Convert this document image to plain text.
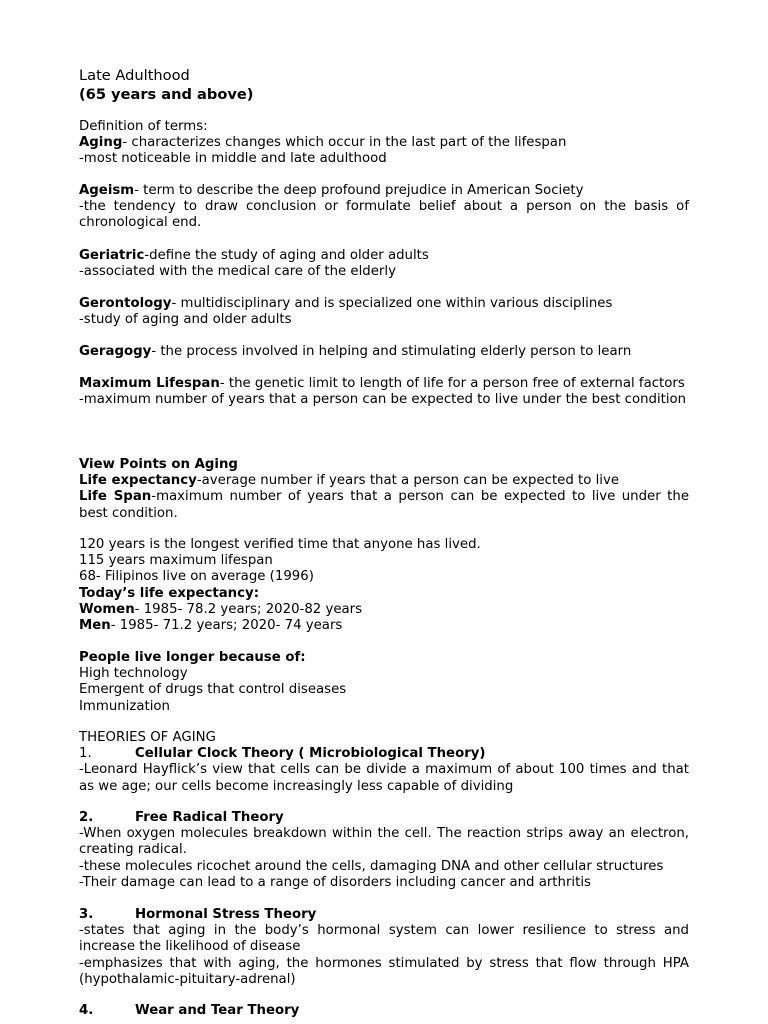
Late Adulthood
(65 years and above)
Definition of terms:
Aging- characterizes changes which occur in the last part of the lifespan
-most noticeable in middle and late adulthood
Ageism- term to describe the deep profound prejudice in American Society
-the tendency to draw conclusion or formulate belief about a person on the basis of chronological end.
Geriatric-define the study of aging and older adults
-associated with the medical care of the elderly
Gerontology- multidisciplinary and is specialized one within various disciplines
-study of aging and older adults
Geragogy- the process involved in helping and stimulating elderly person to learn
Maximum Lifespan- the genetic limit to length of life for a person free of external factors
-maximum number of years that a person can be expected to live under the best condition
View Points on Aging
Life expectancy-average number if years that a person can be expected to live
Life Span-maximum number of years that a person can be expected to live under the best condition.
120 years is the longest verified time that anyone has lived.
115 years maximum lifespan
68- Filipinos live on average (1996)
Today’s life expectancy:
Women- 1985- 78.2 years; 2020-82 years
Men- 1985- 71.2 years; 2020- 74 years
People live longer because of:
High technology
Emergent of drugs that control diseases
Immunization
THEORIES OF AGING
1.	Cellular Clock Theory ( Microbiological Theory)
-Leonard Hayflick’s view that cells can be divide a maximum of about 100 times and that as we age; our cells become increasingly less capable of dividing
2.	Free Radical Theory
-When oxygen molecules breakdown within the cell. The reaction strips away an electron, creating radical.
-these molecules ricochet around the cells, damaging DNA and other cellular structures
-Their damage can lead to a range of disorders including cancer and arthritis
3.	Hormonal Stress Theory
-states that aging in the body’s hormonal system can lower resilience to stress and increase the likelihood of disease
-emphasizes that with aging, the hormones stimulated by stress that flow through HPA (hypothalamic-pituitary-adrenal)
4.	Wear and Tear Theory
